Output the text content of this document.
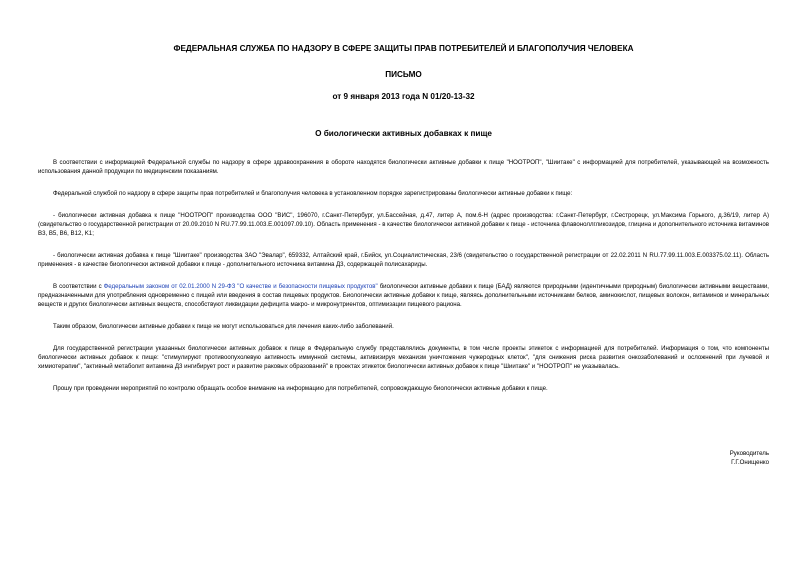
ФЕДЕРАЛЬНАЯ СЛУЖБА ПО НАДЗОРУ В СФЕРЕ ЗАЩИТЫ ПРАВ ПОТРЕБИТЕЛЕЙ И БЛАГОПОЛУЧИЯ ЧЕЛОВЕКА
ПИСЬМО
от 9 января 2013 года N 01/20-13-32
О биологически активных добавках к пище

В соответствии с информацией Федеральной службы по надзору в сфере здравоохранения в обороте находятся биологически активные добавки к пище "НООТРОП", "Шиитаке" с информацией для потребителей, указывающей на возможность использования данной продукции по медицинским показаниям.

Федеральной службой по надзору в сфере защиты прав потребителей и благополучия человека в установленном порядке зарегистрированы биологически активные добавки к пище:

- биологически активная добавка к пище "НООТРОП" производства ООО "ВИС", 196070, г.Санкт-Петербург, ул.Бассейная, д.47, литер А, пом.6-Н (адрес производства: г.Санкт-Петербург, г.Сестрорецк, ул.Максима Горького, д.36/19, литер А) (свидетельство о государственной регистрации от 20.09.2010 N RU.77.99.11.003.Е.001097.09.10). Область применения - в качестве биологически активной добавки к пище - источника флавоноллгликозидов, глицина и дополнительного источника витаминов B3, B5, B6, B12, K1;

- биологически активная добавка к пище "Шиитаке" производства ЗАО "Эвалар", 659332, Алтайский край, г.Бийск, ул.Социалистическая, 23/6 (свидетельство о государственной регистрации от 22.02.2011 N RU.77.99.11.003.Е.003375.02.11). Область применения - в качестве биологически активной добавки к пище - дополнительного источника витамина Д3, содержащей полисахариды.

В соответствии с Федеральным законом от 02.01.2000 N 29-ФЗ "О качестве и безопасности пищевых продуктов" биологически активные добавки к пище (БАД) являются природными (идентичными природным) биологически активными веществами, предназначенными для употребления одновременно с пищей или введения в состав пищевых продуктов. Биологически активные добавки к пище, являясь дополнительными источниками белков, аминокислот, пищевых волокон, витаминов и минеральных веществ и других биологически активных веществ, способствуют ликвидации дефицита макро- и микронутриентов, оптимизации пищевого рациона.

Таким образом, биологически активные добавки к пище не могут использоваться для лечения каких-либо заболеваний.

Для государственной регистрации указанных биологически активных добавок к пище в Федеральную службу представлялись документы, в том числе проекты этикеток с информацией для потребителей. Информация о том, что компоненты биологически активных добавок к пище: "стимулируют противоопухолевую активность иммунной системы, активизируя механизм уничтожения чужеродных клеток", "для снижения риска развития онкозаболеваний и осложнений при лучевой и химиотерапии", "активный метаболит витамина Д3 ингибирует рост и развитие раковых образований" в проектах этикеток биологически активных добавок к пище "Шиитаке" и "НООТРОП" не указывалась.

Прошу при проведении мероприятий по контролю обращать особое внимание на информацию для потребителей, сопровождающую биологически активные добавки к пище.

Руководитель
Г.Г.Онищенко
